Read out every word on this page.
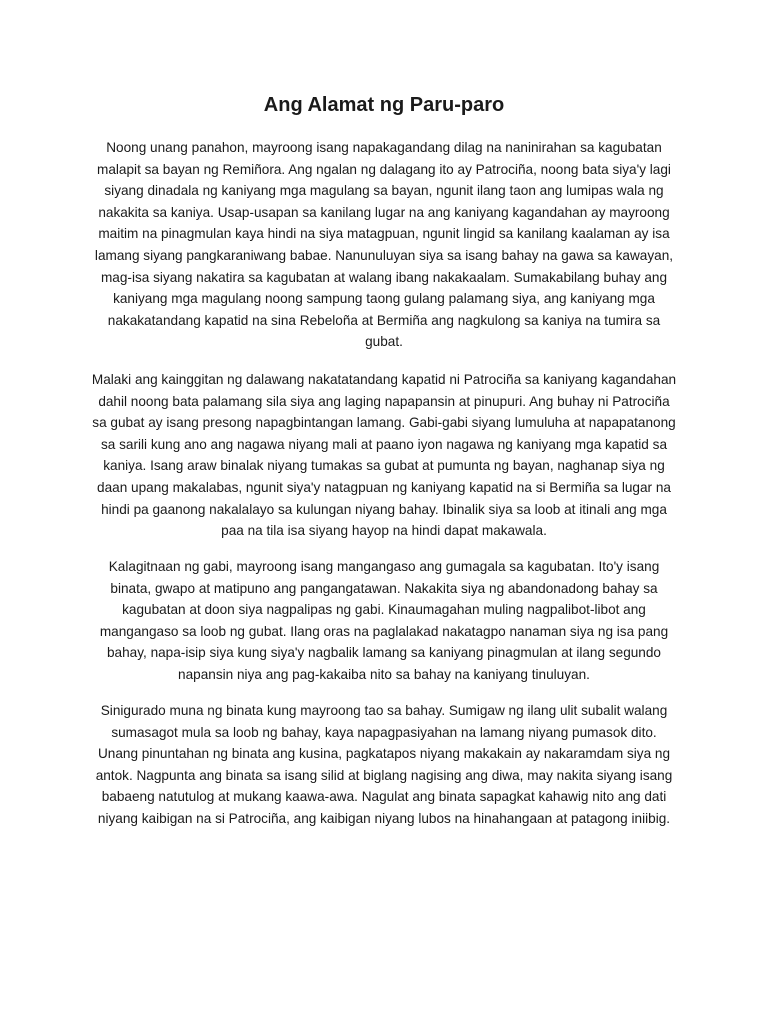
Ang Alamat ng Paru-paro

Noong unang panahon, mayroong isang napakagandang dilag na naninirahan sa kagubatan
malapit sa bayan ng Remiñora. Ang ngalan ng dalagang ito ay Patrociña, noong bata siya'y lagi
siyang dinadala ng kaniyang mga magulang sa bayan, ngunit ilang taon ang lumipas wala ng
nakakita sa kaniya. Usap-usapan sa kanilang lugar na ang kaniyang kagandahan ay mayroong
maitim na pinagmulan kaya hindi na siya matagpuan, ngunit lingid sa kanilang kaalaman ay isa
lamang siyang pangkaraniwang babae. Nanunuluyan siya sa isang bahay na gawa sa kawayan,
mag-isa siyang nakatira sa kagubatan at walang ibang nakakaalam. Sumakabilang buhay ang
kaniyang mga magulang noong sampung taong gulang palamang siya, ang kaniyang mga
nakakatandang kapatid na sina Rebeloña at Bermiña ang nagkulong sa kaniya na tumira sa
gubat.

Malaki ang kainggitan ng dalawang nakatatandang kapatid ni Patrociña sa kaniyang kagandahan
dahil noong bata palamang sila siya ang laging napapansin at pinupuri. Ang buhay ni Patrociña
sa gubat ay isang presong napagbintangan lamang. Gabi-gabi siyang lumuluha at napapatanong
sa sarili kung ano ang nagawa niyang mali at paano iyon nagawa ng kaniyang mga kapatid sa
kaniya. Isang araw binalak niyang tumakas sa gubat at pumunta ng bayan, naghanap siya ng
daan upang makalabas, ngunit siya'y natagpuan ng kaniyang kapatid na si Bermiña sa lugar na
hindi pa gaanong nakalalayo sa kulungan niyang bahay. Ibinalik siya sa loob at itinali ang mga
paa na tila isa siyang hayop na hindi dapat makawala.

Kalagitnaan ng gabi, mayroong isang mangangaso ang gumagala sa kagubatan. Ito'y isang
binata, gwapo at matipuno ang pangangatawan. Nakakita siya ng abandonadong bahay sa
kagubatan at doon siya nagpalipas ng gabi. Kinaumagahan muling nagpalibot-libot ang
mangangaso sa loob ng gubat. Ilang oras na paglalakad nakatagpo nanaman siya ng isa pang
bahay, napa-isip siya kung siya'y nagbalik lamang sa kaniyang pinagmulan at ilang segundo
napansin niya ang pag-kakaiba nito sa bahay na kaniyang tinuluyan.

Sinigurado muna ng binata kung mayroong tao sa bahay. Sumigaw ng ilang ulit subalit walang
sumasagot mula sa loob ng bahay, kaya napagpasiyahan na lamang niyang pumasok dito.
Unang pinuntahan ng binata ang kusina, pagkatapos niyang makakain ay nakaramdam siya ng
antok. Nagpunta ang binata sa isang silid at biglang nagising ang diwa, may nakita siyang isang
babaeng natutulog at mukang kaawa-awa. Nagulat ang binata sapagkat kahawig nito ang dati
niyang kaibigan na si Patrociña, ang kaibigan niyang lubos na hinahangaan at patagong iniibig.
